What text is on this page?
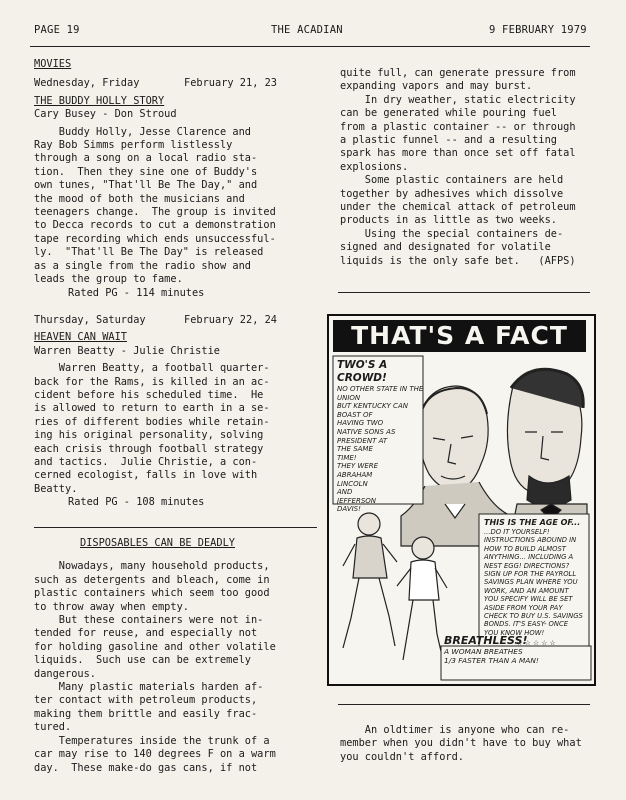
PAGE 19	THE ACADIAN	9 FEBRUARY 1979

MOVIES

Wednesday, Friday	February 21, 23

THE BUDDY HOLLY STORY

Cary Busey - Don Stroud

Buddy Holly, Jesse Clarence and

Ray Bob Simms perform listlessly

through a song on a local radio sta-

tion.  Then they sine one of Buddy's

own tunes, "That'll Be The Day," and

the mood of both the musicians and

teenagers change.  The group is invited

to Decca records to cut a demonstration

tape recording which ends unsuccessful-

ly.  "That'll Be The Day" is released

as a single from the radio show and

leads the group to fame.

Rated PG - 114 minutes

Thursday, Saturday	February 22, 24

HEAVEN CAN WAIT

Warren Beatty - Julie Christie

Warren Beatty, a football quarter-

back for the Rams, is killed in an ac-

cident before his scheduled time.  He

is allowed to return to earth in a se-

ries of different bodies while retain-

ing his original personality, solving

each crisis through football strategy

and tactics.  Julie Christie, a con-

cerned ecologist, falls in love with

Beatty.

Rated PG - 108 minutes

DISPOSABLES CAN BE DEADLY

Nowadays, many household products,

such as detergents and bleach, come in

plastic containers which seem too good

to throw away when empty.

But these containers were not in-

tended for reuse, and especially not

for holding gasoline and other volatile

liquids.  Such use can be extremely

dangerous.

Many plastic materials harden af-

ter contact with petroleum products,

making them brittle and easily frac-

tured.

Temperatures inside the trunk of a

car may rise to 140 degrees F on a warm

day.  These make-do gas cans, if not

quite full, can generate pressure from

expanding vapors and may burst.

In dry weather, static electricity

can be generated while pouring fuel

from a plastic container -- or through

a plastic funnel -- and a resulting

spark has more than once set off fatal

explosions.

Some plastic containers are held

together by adhesives which dissolve

under the chemical attack of petroleum

products in as little as two weeks.

Using the special containers de-

signed and designated for volatile

liquids is the only safe bet.   (AFPS)

THAT'S A FACT

TWO'S A CROWD!

NO OTHER STATE IN THE UNION

BUT KENTUCKY CAN BOAST OF

HAVING TWO

NATIVE SONS AS

PRESIDENT AT

THE SAME

TIME!

THEY WERE

ABRAHAM

LINCOLN

AND

JEFFERSON

DAVIS!

THIS IS THE AGE OF...

...DO IT YOURSELF!

INSTRUCTIONS ABOUND IN

HOW TO BUILD ALMOST

ANYTHING... INCLUDING A

NEST EGG! DIRECTIONS?

SIGN UP FOR THE PAYROLL

SAVINGS PLAN WHERE YOU

WORK, AND AN AMOUNT

YOU SPECIFY WILL BE SET

ASIDE FROM YOUR PAY

CHECK TO BUY U.S. SAVINGS

BONDS. IT'S EASY- ONCE

YOU KNOW HOW!

☆ ☆ ☆ ☆ ☆

BREATHLESS!

A WOMAN BREATHES

1/3 FASTER THAN A MAN!

An oldtimer is anyone who can re-

member when you didn't have to buy what

you couldn't afford.
